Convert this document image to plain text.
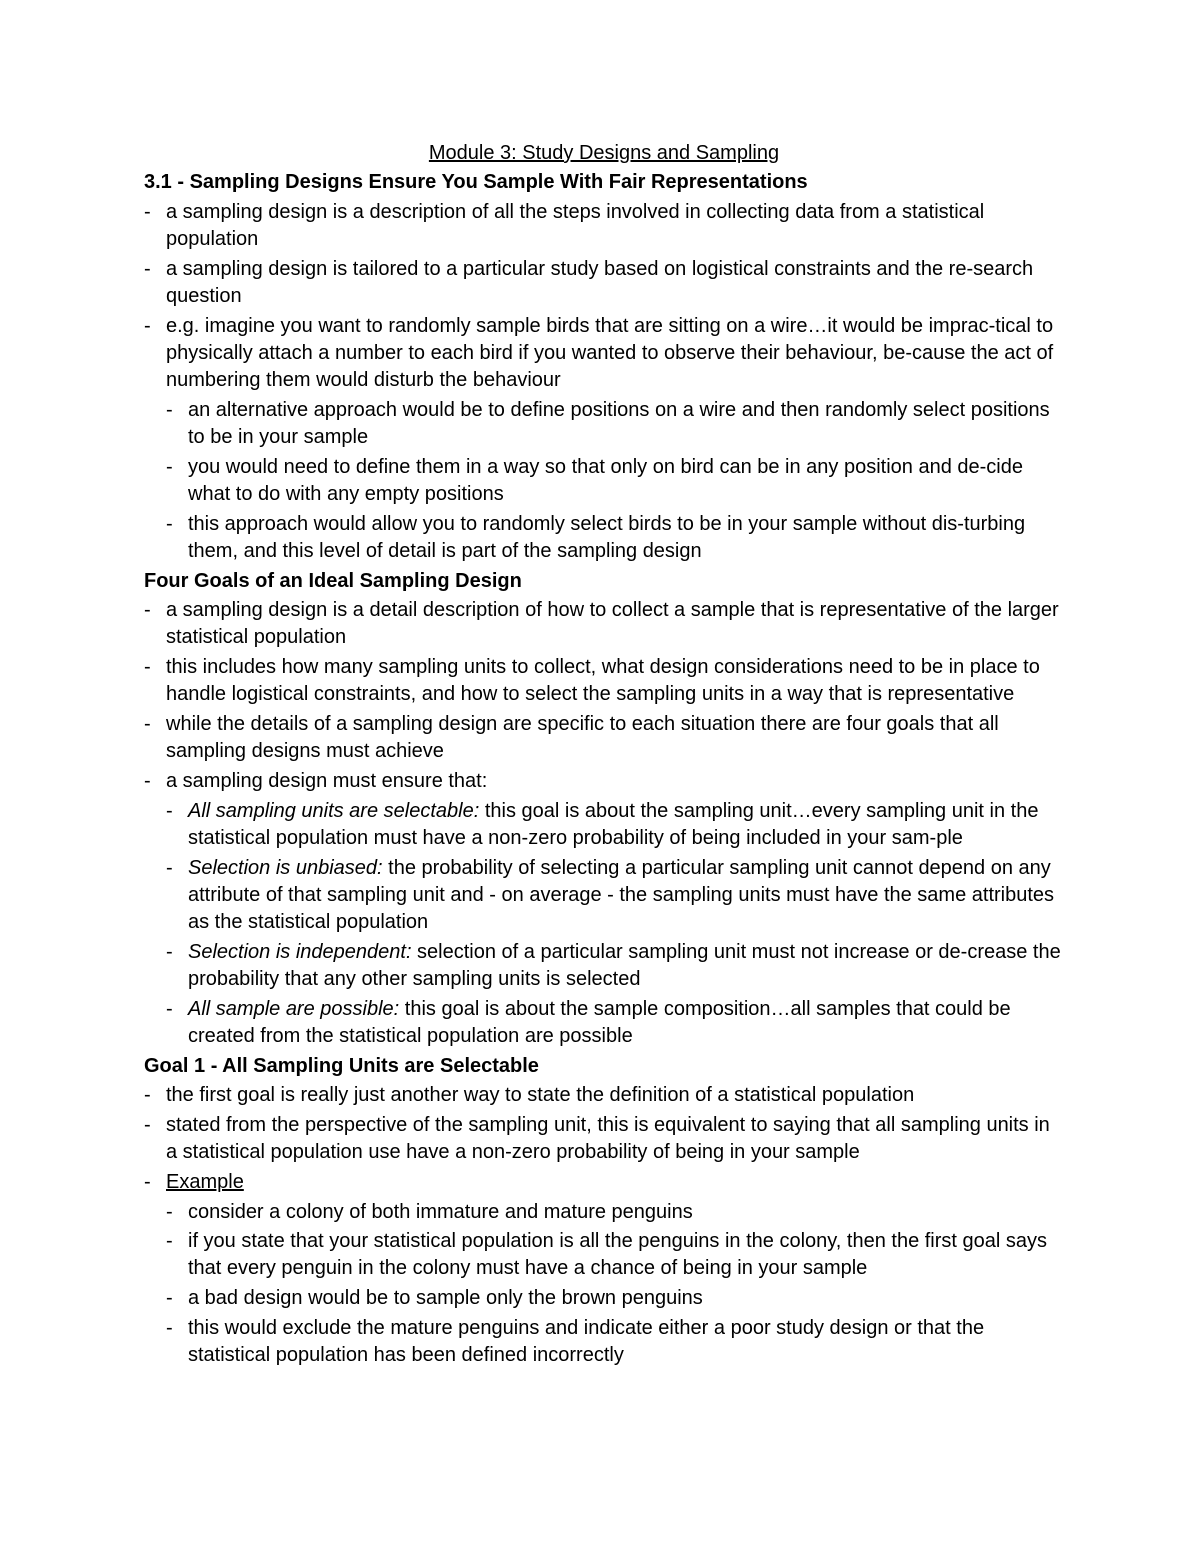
Module 3: Study Designs and Sampling
3.1 - Sampling Designs Ensure You Sample With Fair Representations
- a sampling design is a description of all the steps involved in collecting data from a statistical population
- a sampling design is tailored to a particular study based on logistical constraints and the re-search question
- e.g. imagine you want to randomly sample birds that are sitting on a wire…it would be imprac-tical to physically attach a number to each bird if you wanted to observe their behaviour, be-cause the act of numbering them would disturb the behaviour
- an alternative approach would be to define positions on a wire and then randomly select positions to be in your sample
- you would need to define them in a way so that only on bird can be in any position and de-cide what to do with any empty positions
- this approach would allow you to randomly select birds to be in your sample without dis-turbing them, and this level of detail is part of the sampling design
Four Goals of an Ideal Sampling Design
- a sampling design is a detail description of how to collect a sample that is representative of the larger statistical population
- this includes how many sampling units to collect, what design considerations need to be in place to handle logistical constraints, and how to select the sampling units in a way that is representative
- while the details of a sampling design are specific to each situation there are four goals that all sampling designs must achieve
- a sampling design must ensure that:
- All sampling units are selectable: this goal is about the sampling unit…every sampling unit in the statistical population must have a non-zero probability of being included in your sam-ple
- Selection is unbiased: the probability of selecting a particular sampling unit cannot depend on any attribute of that sampling unit and - on average - the sampling units must have the same attributes as the statistical population
- Selection is independent: selection of a particular sampling unit must not increase or de-crease the probability that any other sampling units is selected
- All sample are possible: this goal is about the sample composition…all samples that could be created from the statistical population are possible
Goal 1 - All Sampling Units are Selectable
- the first goal is really just another way to state the definition of a statistical population
- stated from the perspective of the sampling unit, this is equivalent to saying that all sampling units in a statistical population use have a non-zero probability of being in your sample
- Example
- consider a colony of both immature and mature penguins
- if you state that your statistical population is all the penguins in the colony, then the first goal says that every penguin in the colony must have a chance of being in your sample
- a bad design would be to sample only the brown penguins
- this would exclude the mature penguins and indicate either a poor study design or that the statistical population has been defined incorrectly
